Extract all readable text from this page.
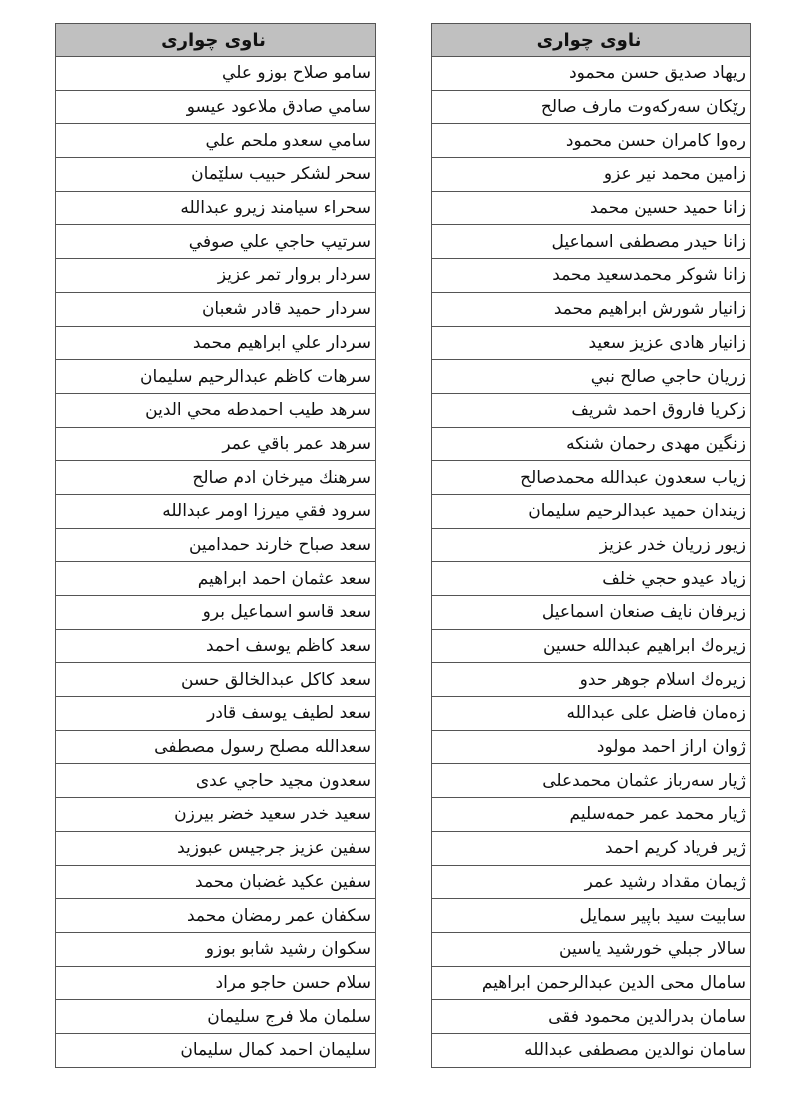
ناوی چواری
سامو صلاح بوزو علي
سامي صادق ملاعود عيسو
سامي سعدو ملحم علي
سحر لشكر حبيب سلێمان
سحراء سيامند زيرو عبدالله
سرتيپ حاجي علي صوفي
سردار بروار تمر عزيز
سردار حميد قادر شعبان
سردار علي ابراهيم محمد
سرهات كاظم عبدالرحيم سليمان
سرهد طيب احمدطه محي الدين
سرهد عمر باقي عمر
سرهنك ميرخان ادم صالح
سرود فقي ميرزا اومر عبدالله
سعد صباح خارند حمدامين
سعد عثمان احمد ابراهيم
سعد قاسو اسماعيل برو
سعد كاظم يوسف احمد
سعد كاكل عبدالخالق حسن
سعد لطيف يوسف قادر
سعدالله مصلح رسول مصطفى
سعدون مجيد حاجي عدى
سعيد خدر سعيد خضر بيرزن
سفين عزيز جرجيس عبوزيد
سفين عكيد غضبان محمد
سكفان عمر رمضان محمد
سكوان رشيد شابو بوزو
سلام حسن حاجو مراد
سلمان ملا فرج سليمان
سليمان احمد كمال سليمان
ناوی چواری
ریهاد صدیق حسن محمود
رێکان سەرکەوت مارف صالح
رەوا کامران حسن محمود
زامين محمد نير عزو
زانا حميد حسين محمد
زانا حيدر مصطفى اسماعيل
زانا شوكر محمدسعيد محمد
زانيار شورش ابراهيم محمد
زانيار هادى عزيز سعيد
زريان حاجي صالح نبي
زكريا فاروق احمد شريف
زنگين مهدى رحمان شنكه
زياب سعدون عبدالله محمدصالح
زيندان حميد عبدالرحيم سليمان
زيور زريان خدر عزيز
زياد عيدو حجي خلف
زيرفان نايف صنعان اسماعيل
زيرەك ابراهيم عبدالله حسين
زيرەك اسلام جوهر حدو
زەمان فاضل على عبدالله
ژوان اراز احمد مولود
ژیار سەرباز عثمان محمدعلى
ژيار محمد عمر حمەسليم
ژير فرياد كريم احمد
ژيمان مقداد رشيد عمر
سابيت سيد باپير سمايل
سالار جبلي خورشيد ياسين
سامال محى الدين عبدالرحمن ابراهيم
سامان بدرالدين محمود فقى
سامان نوالدين مصطفى عبدالله
